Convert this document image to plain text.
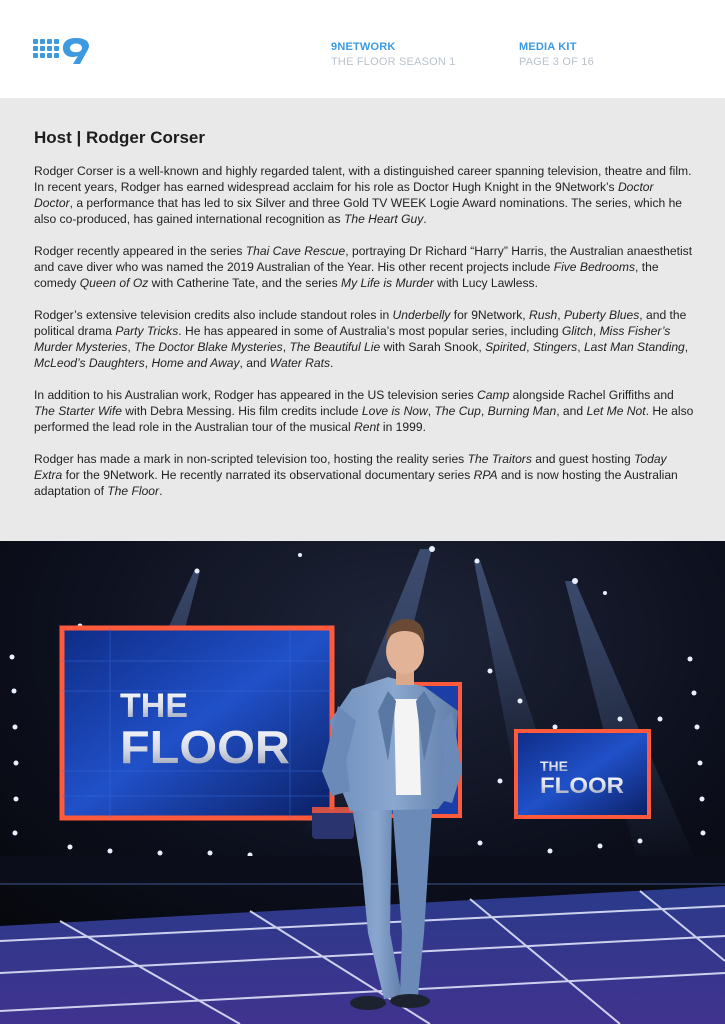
9NETWORK
THE FLOOR SEASON 1
MEDIA KIT
PAGE 3 OF 16
Host | Rodger Corser

Rodger Corser is a well-known and highly regarded talent, with a distinguished career spanning television, theatre and film. In recent years, Rodger has earned widespread acclaim for his role as Doctor Hugh Knight in the 9Network’s Doctor Doctor, a performance that has led to six Silver and three Gold TV WEEK Logie Award nominations. The series, which he also co-produced, has gained international recognition as The Heart Guy.

Rodger recently appeared in the series Thai Cave Rescue, portraying Dr Richard “Harry” Harris, the Australian anaesthetist and cave diver who was named the 2019 Australian of the Year. His other recent projects include Five Bedrooms, the comedy Queen of Oz with Catherine Tate, and the series My Life is Murder with Lucy Lawless.

Rodger’s extensive television credits also include standout roles in Underbelly for 9Network, Rush, Puberty Blues, and the political drama Party Tricks. He has appeared in some of Australia’s most popular series, including Glitch, Miss Fisher’s Murder Mysteries, The Doctor Blake Mysteries, The Beautiful Lie with Sarah Snook, Spirited, Stingers, Last Man Standing, McLeod’s Daughters, Home and Away, and Water Rats.

In addition to his Australian work, Rodger has appeared in the US television series Camp alongside Rachel Griffiths and The Starter Wife with Debra Messing. His film credits include Love is Now, The Cup, Burning Man, and Let Me Not. He also performed the lead role in the Australian tour of the musical Rent in 1999.

Rodger has made a mark in non-scripted television too, hosting the reality series The Traitors and guest hosting Today Extra for the 9Network. He recently narrated its observational documentary series RPA and is now hosting the Australian adaptation of The Floor.

THE
FLOOR	THE
FLOOR
